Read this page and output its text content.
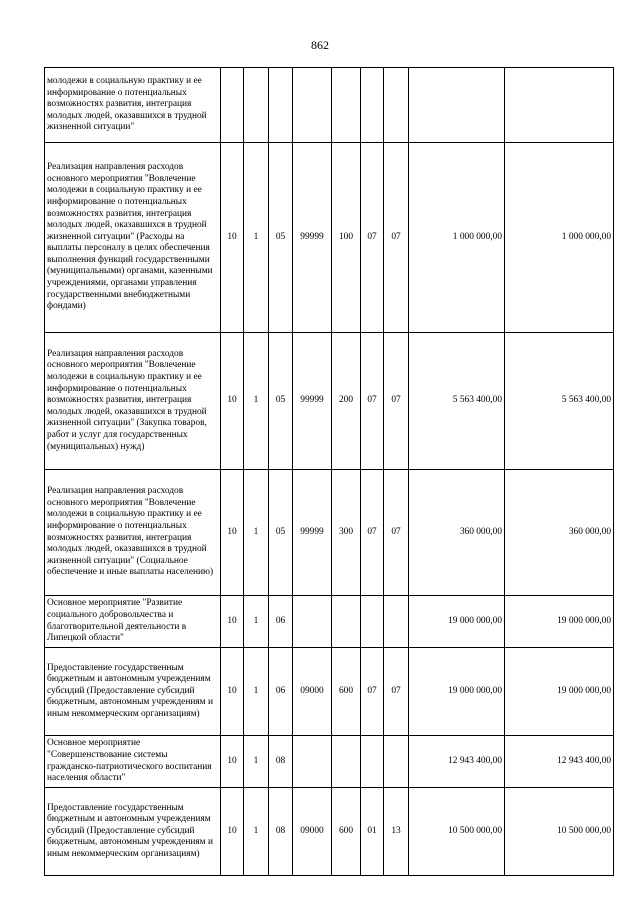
862
молодежи в социальную практику и ее информирование о потенциальных возможностях развития, интеграция молодых людей, оказавшихся в трудной жизненной ситуации"									
Реализация направления расходов основного мероприятия "Вовлечение молодежи в социальную практику и ее информирование о потенциальных возможностях развития, интеграция молодых людей, оказавшихся в трудной жизненной ситуации" (Расходы на выплаты персоналу в целях обеспечения выполнения функций государственными (муниципальными) органами, казенными учреждениями, органами управления государственными внебюджетными фондами)	10	1	05	99999	100	07	07	1 000 000,00	1 000 000,00
Реализация направления расходов основного мероприятия "Вовлечение молодежи в социальную практику и ее информирование о потенциальных возможностях развития, интеграция молодых людей, оказавшихся в трудной жизненной ситуации" (Закупка товаров, работ и услуг для государственных (муниципальных) нужд)	10	1	05	99999	200	07	07	5 563 400,00	5 563 400,00
Реализация направления расходов основного мероприятия "Вовлечение молодежи в социальную практику и ее информирование о потенциальных возможностях развития, интеграция молодых людей, оказавшихся в трудной жизненной ситуации" (Социальное обеспечение и иные выплаты населению)	10	1	05	99999	300	07	07	360 000,00	360 000,00
Основное мероприятие "Развитие социального добровольчества и благотворительной деятельности в Липецкой области"	10	1	06					19 000 000,00	19 000 000,00
Предоставление государственным бюджетным и автономным учреждениям субсидий (Предоставление субсидий бюджетным, автономным учреждениям и иным некоммерческим организациям)	10	1	06	09000	600	07	07	19 000 000,00	19 000 000,00
Основное мероприятие "Совершенствование системы гражданско-патриотического воспитания населения области"	10	1	08					12 943 400,00	12 943 400,00
Предоставление государственным бюджетным и автономным учреждениям субсидий (Предоставление субсидий бюджетным, автономным учреждениям и иным некоммерческим организациям)	10	1	08	09000	600	01	13	10 500 000,00	10 500 000,00
